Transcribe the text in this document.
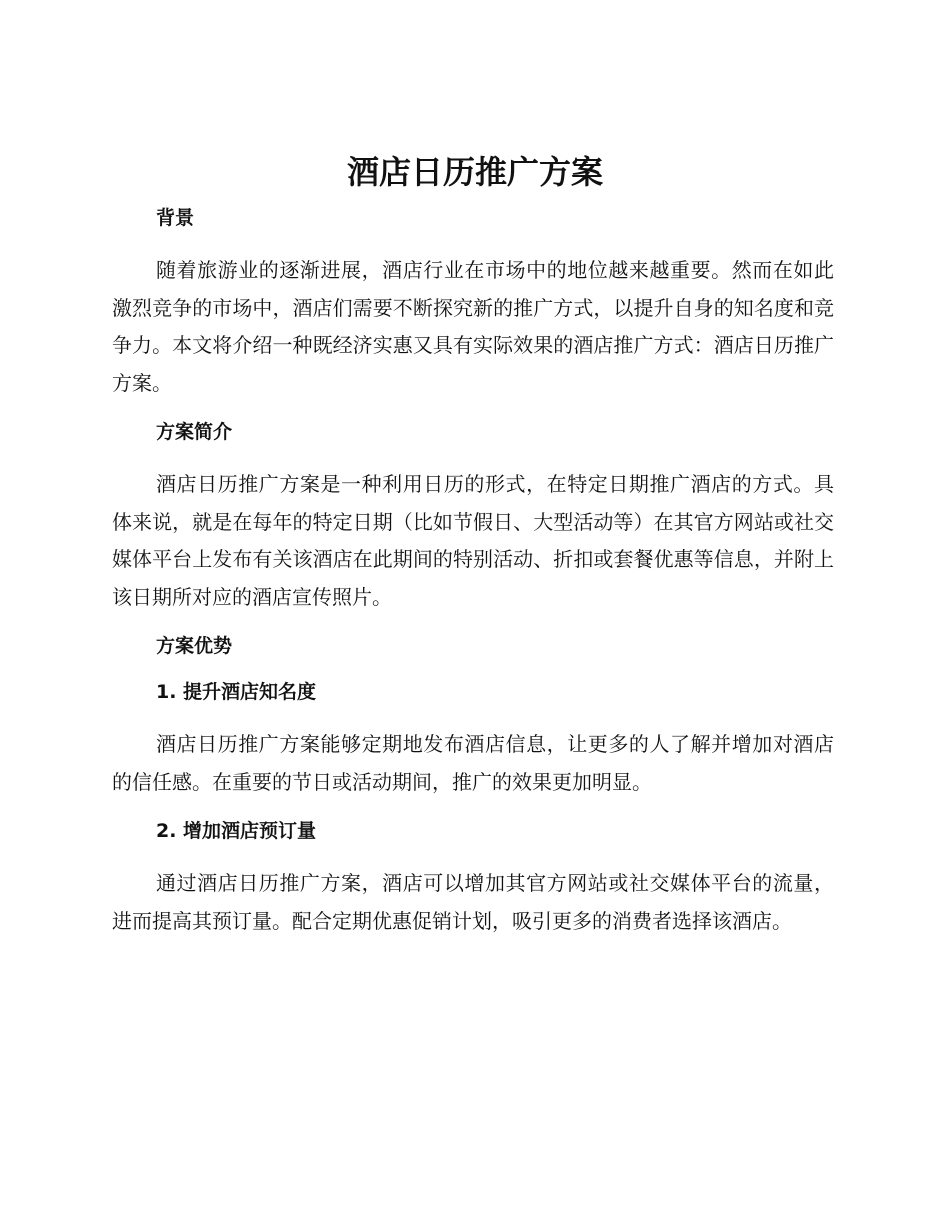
酒店日历推广方案
背景

随着旅游业的逐渐进展，酒店行业在市场中的地位越来越重要。然而在如此激烈竞争的市场中，酒店们需要不断探究新的推广方式，以提升自身的知名度和竞争力。本文将介绍一种既经济实惠又具有实际效果的酒店推广方式：酒店日历推广方案。

方案简介

酒店日历推广方案是一种利用日历的形式，在特定日期推广酒店的方式。具体来说，就是在每年的特定日期（比如节假日、大型活动等）在其官方网站或社交媒体平台上发布有关该酒店在此期间的特别活动、折扣或套餐优惠等信息，并附上该日期所对应的酒店宣传照片。

方案优势
1. 提升酒店知名度

酒店日历推广方案能够定期地发布酒店信息，让更多的人了解并增加对酒店的信任感。在重要的节日或活动期间，推广的效果更加明显。

2. 增加酒店预订量

通过酒店日历推广方案，酒店可以增加其官方网站或社交媒体平台的流量，进而提高其预订量。配合定期优惠促销计划，吸引更多的消费者选择该酒店。
